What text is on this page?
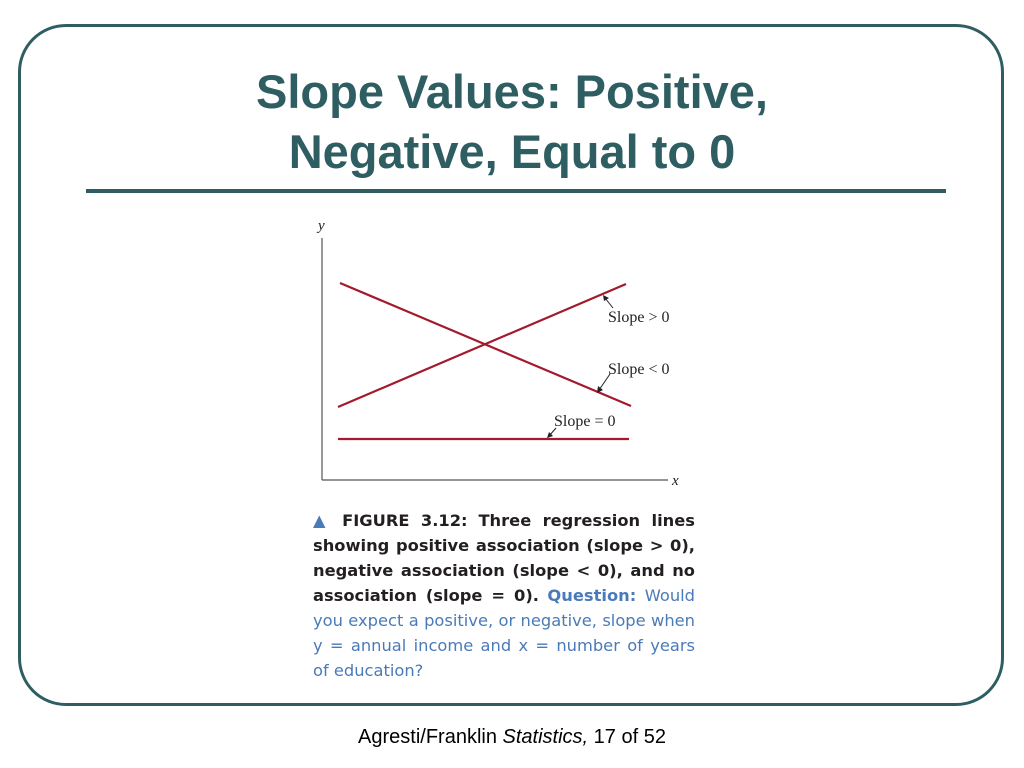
Slope Values: Positive,
Negative, Equal to 0
y
x
Slope > 0
Slope < 0
Slope = 0
▲ FIGURE 3.12: Three regression lines showing positive association (slope > 0), negative association (slope < 0), and no association (slope = 0). Question: Would you expect a positive, or negative, slope when y = annual income and x = number of years of education?
Agresti/Franklin Statistics, 17 of 52
